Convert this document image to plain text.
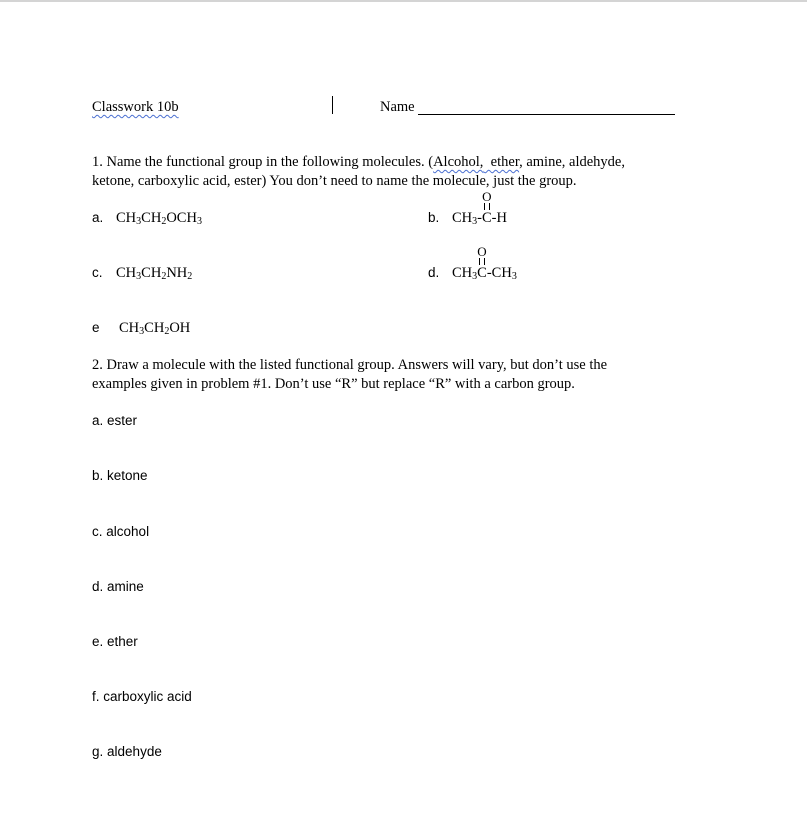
Classwork 10b	Name
1. Name the functional group in the following molecules. (Alcohol, ether, amine, aldehyde,
ketone, carboxylic acid, ester) You don’t need to name the molecule, just the group.
a. $CH_3CH_2OCH_3$	b. $CH_3-$
O
C-H
c. $CH_3CH_2NH_2$	d. $CH_3$
O
$C-CH_3$
e $CH_3CH_2OH$
2. Draw a molecule with the listed functional group. Answers will vary, but don’t use the
examples given in problem #1. Don’t use “R” but replace “R” with a carbon group.
a. ester
b. ketone
c. alcohol
d. amine
e. ether
f. carboxylic acid
g. aldehyde
